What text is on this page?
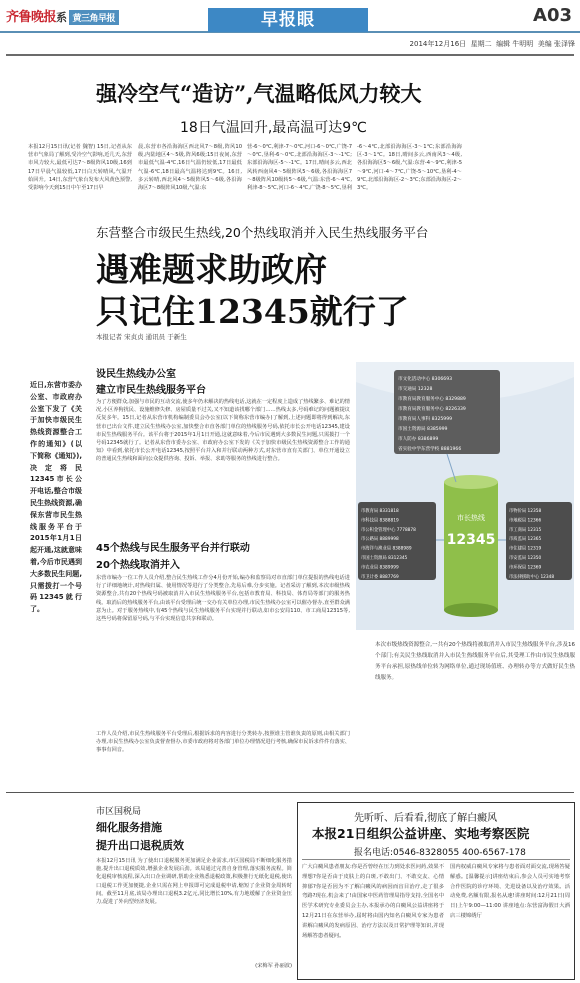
齐鲁晚报系 黄三角早报	早报眼	A03
2014年12月16日 星期二 编辑 牛明明 美编 张泽锋
强冷空气“造访”,气温略低风力较大
18日气温回升,最高温可达9℃
本报12月15日讯(记者 魏智) 15日,记者从东营市气象局了解到,受冷空气影响,近几天,东营市风力较大,最低可达7～8级阵风10级,16到17日早晨气温较低,17日白天转晴风,气温开始回升。14日,东营气象台发布大风黄色预警,受影响今天到15日中午至17日早
晨,东营市各沿海海区西北风7～8级,阵风10级,内陆地区4～5级,阵风6级;15日夜间,东营市最低气温-4℃,16日气温仍较低,17日最低气温-6℃,18日最高气温将达到9℃。16日,多云转晴,西北风4～5级阵风5～6级,各沿海海区7～8级阵风10级,气温:东
营-6～0℃,利津-7～0℃,河口-6～0℃,广饶-7～0℃,垦利-6～0℃,北部沿海海区-3～-1℃;东部沿海海区-5～-1℃。17日,晴间多云,西北风转西南风4～5级阵风5～6级,各沿海海区7～8级阵风10级转5～6级,气温:东营-6～4℃,利津-8～5℃,河口-6～4℃,广饶-8～5℃,垦利
-6～4℃,北部沿海海区-3～1℃;东部沿海海区-3～1℃。18日,晴间多云,西南风3～4级,各沿海海区5～6级,气温:东营-4～9℃,利津-5～9℃,河口-4～7℃,广饶-5～10℃,垦利-4～9℃,北部沿海海区-2～3℃;东部沿海海区-2～3℃。
东营整合市级民生热线,20个热线取消并入民生热线服务平台
遇难题求助政府
只记住12345就行了
本报记者 宋贞贞 通讯员 于新生
近日,东营市委办公室、市政府办公室下发了《关于加快市级民生热线资源整合工作的通知》(以下简称《通知》),决定将民12345市长公开电话,整合市级民生热线资源,确保东营市民生热线服务平台于2015年1月1日起开通,这就意味着,今后市民遇到大多数民生问题,只需拨打一个号码12345就行了。
设民生热线办公室
建立市民生热线服务平台
为了方便群众,加强与市民的互动交流,使多年仍未解决的热线电话,这就在一定程度上造成了热线繁多、难记的情况,小区养狗扰民、设施维修失修、房屋质量不过关,又不知道该找哪个部门……热线太多,号码难记的问题被提议反复多年。15日,记者从东营市机构编制委员会办公室(以下简称东营市编办)了解到,上述问题即将得到解决,东营市已出台文件,建立民生热线办公室,加快整合市直各部门单位的热线服务号码,依托市长公开电话12345,建设市民生热线服务平台。该平台将于2015年1月1日开通,这就意味着,今后市民遇到大多数民生问题,只需拨打一个号码12345就行了。记者从东营市委办公室、市政府办公室下发的《关于加快市级民生热线资源整合工作的通知》中看到,依托市长公开电话12345,按照平台并入和并行联动两种方式,对东营市直有关部门、单位开通设立的普通民生热线和面向公众提供咨询、投诉、举报、求助等服务的热线进行整合。
45个热线与民生服务平台并行联动
20个热线取消并入
东营市编办一位工作人员介绍,整合民生热线工作分4月份开始,编办和监察局对市直部门单位提报的热线电话进行了详细地统计,对热线归属、使用情况等进行了分类整合,先易后难,分步实施。记者采访了解到,本次市级热线资源整合,共有20个热线号码被取消并入市民生热线服务平台,包括市教育局、科技局、体育局等部门的服务热线。取消后的热线服务平台,由该平台受理后统一交办有关单位办理,市民生热线办公室可以催办督办,直至群众满意为止。对于服务热线中,有45个热线与民生热线服务平台实现并行联动,如市公安局110、市工商局12315等,这些号码将保留原号码,与平台实现信息共享和联动。
工作人员介绍,市民生热线服务平台受理后,根据诉求的内容进行分类转办,按照谁主管谁负责的原则,由相关部门办理,市民生热线办公室负责督查督办,市委市政府将对各部门单位办理情况进行考核,确保市民诉求件件有落实、事事有回音。
市文化活动中心 8306693
市交通局 12328
市教育局教育服务中心 8329889
市教育局教育服务中心 8226339
市教育局人事科 8325999
市国土资源局 8385999
市人防办 8386899
省实验中学东营学校 8881966
市教育局 8331818
市科技局 8388819
市公积金管理中心 7778878
市公路局 8889998
市海洋与渔业局 8388989
市国土资源局 8312345
市农业局 8389999
市卫计委 8887769
市物价局 12358
市地税局 12366
市工商局 12315
市质监局 12365
市住建局 12319
市安监局 12350
市环保局 12369
市法律援助中心 12348
市长热线
12345
本次市级热线资源整合,一共有20个热线将被取消并入市民生热线服务平台,涉及16个部门;有关民生热线取消并入市民生热线服务平台后,其受理工作由市民生热线服务平台承担,原热线单位转为网络单位,通过现场值班、办理转办等方式做好民生热线服务。
市区国税局
细化服务措施
提升出口退税质效
本报12月15日讯 为了使出口退税服务更加满足企业需求,市区国税局不断细化服务措施,提升出口退税质效,增强企业发展后劲。该局通过完善自身管理,落实服务流程。简化退税审核流程,深入出口企业调研,帮助企业熟悉退税政策,积极推行无纸化退税,使出口退税工作更加便捷,企业只需在网上申报即可完成退税申请,缩短了企业资金周转时间。截至11月底,该局办理出口退税3.2亿元,同比增长10%,有力地缓解了企业资金压力,促进了外向型经济发展。
(宋梅军 孙丽波)
先听听、后看看,彻底了解白癜风
本报21日组织公益讲座、实地考察医院
报名电话:0546-8328055 400-6567-178
广大白癜风患者朋友:你是否曾经在压力到处求医问药,效果不理想?你是否由于皮肤上的白斑,不敢出门、不敢交友、心情抑郁?你是否因为不了解白癜风的病因而盲目治疗,走了很多弯路?现在,机会来了!由国家中医药管理局指导支持,全国名中医学术研究专业委员会主办,本报承办的白癜风公益讲座将于12月21日在东营举办,届时将由国内知名白癜风专家为患者讲解白癜风的发病原因、治疗方法以及日常护理等知识,并现场解答患者疑问。
国内权威白癜风专家将与患者面对面交流,现场答疑解惑。[温馨提示]讲座结束后,参会人员可实地考察合作医院的诊疗环境、先进设备以及治疗效果。活动免费,名额有限,报名从速!讲座时间:12月21日(周日)上午9:00—11:00 讲座地点:东营富海假日大酒店三楼锦绣厅
